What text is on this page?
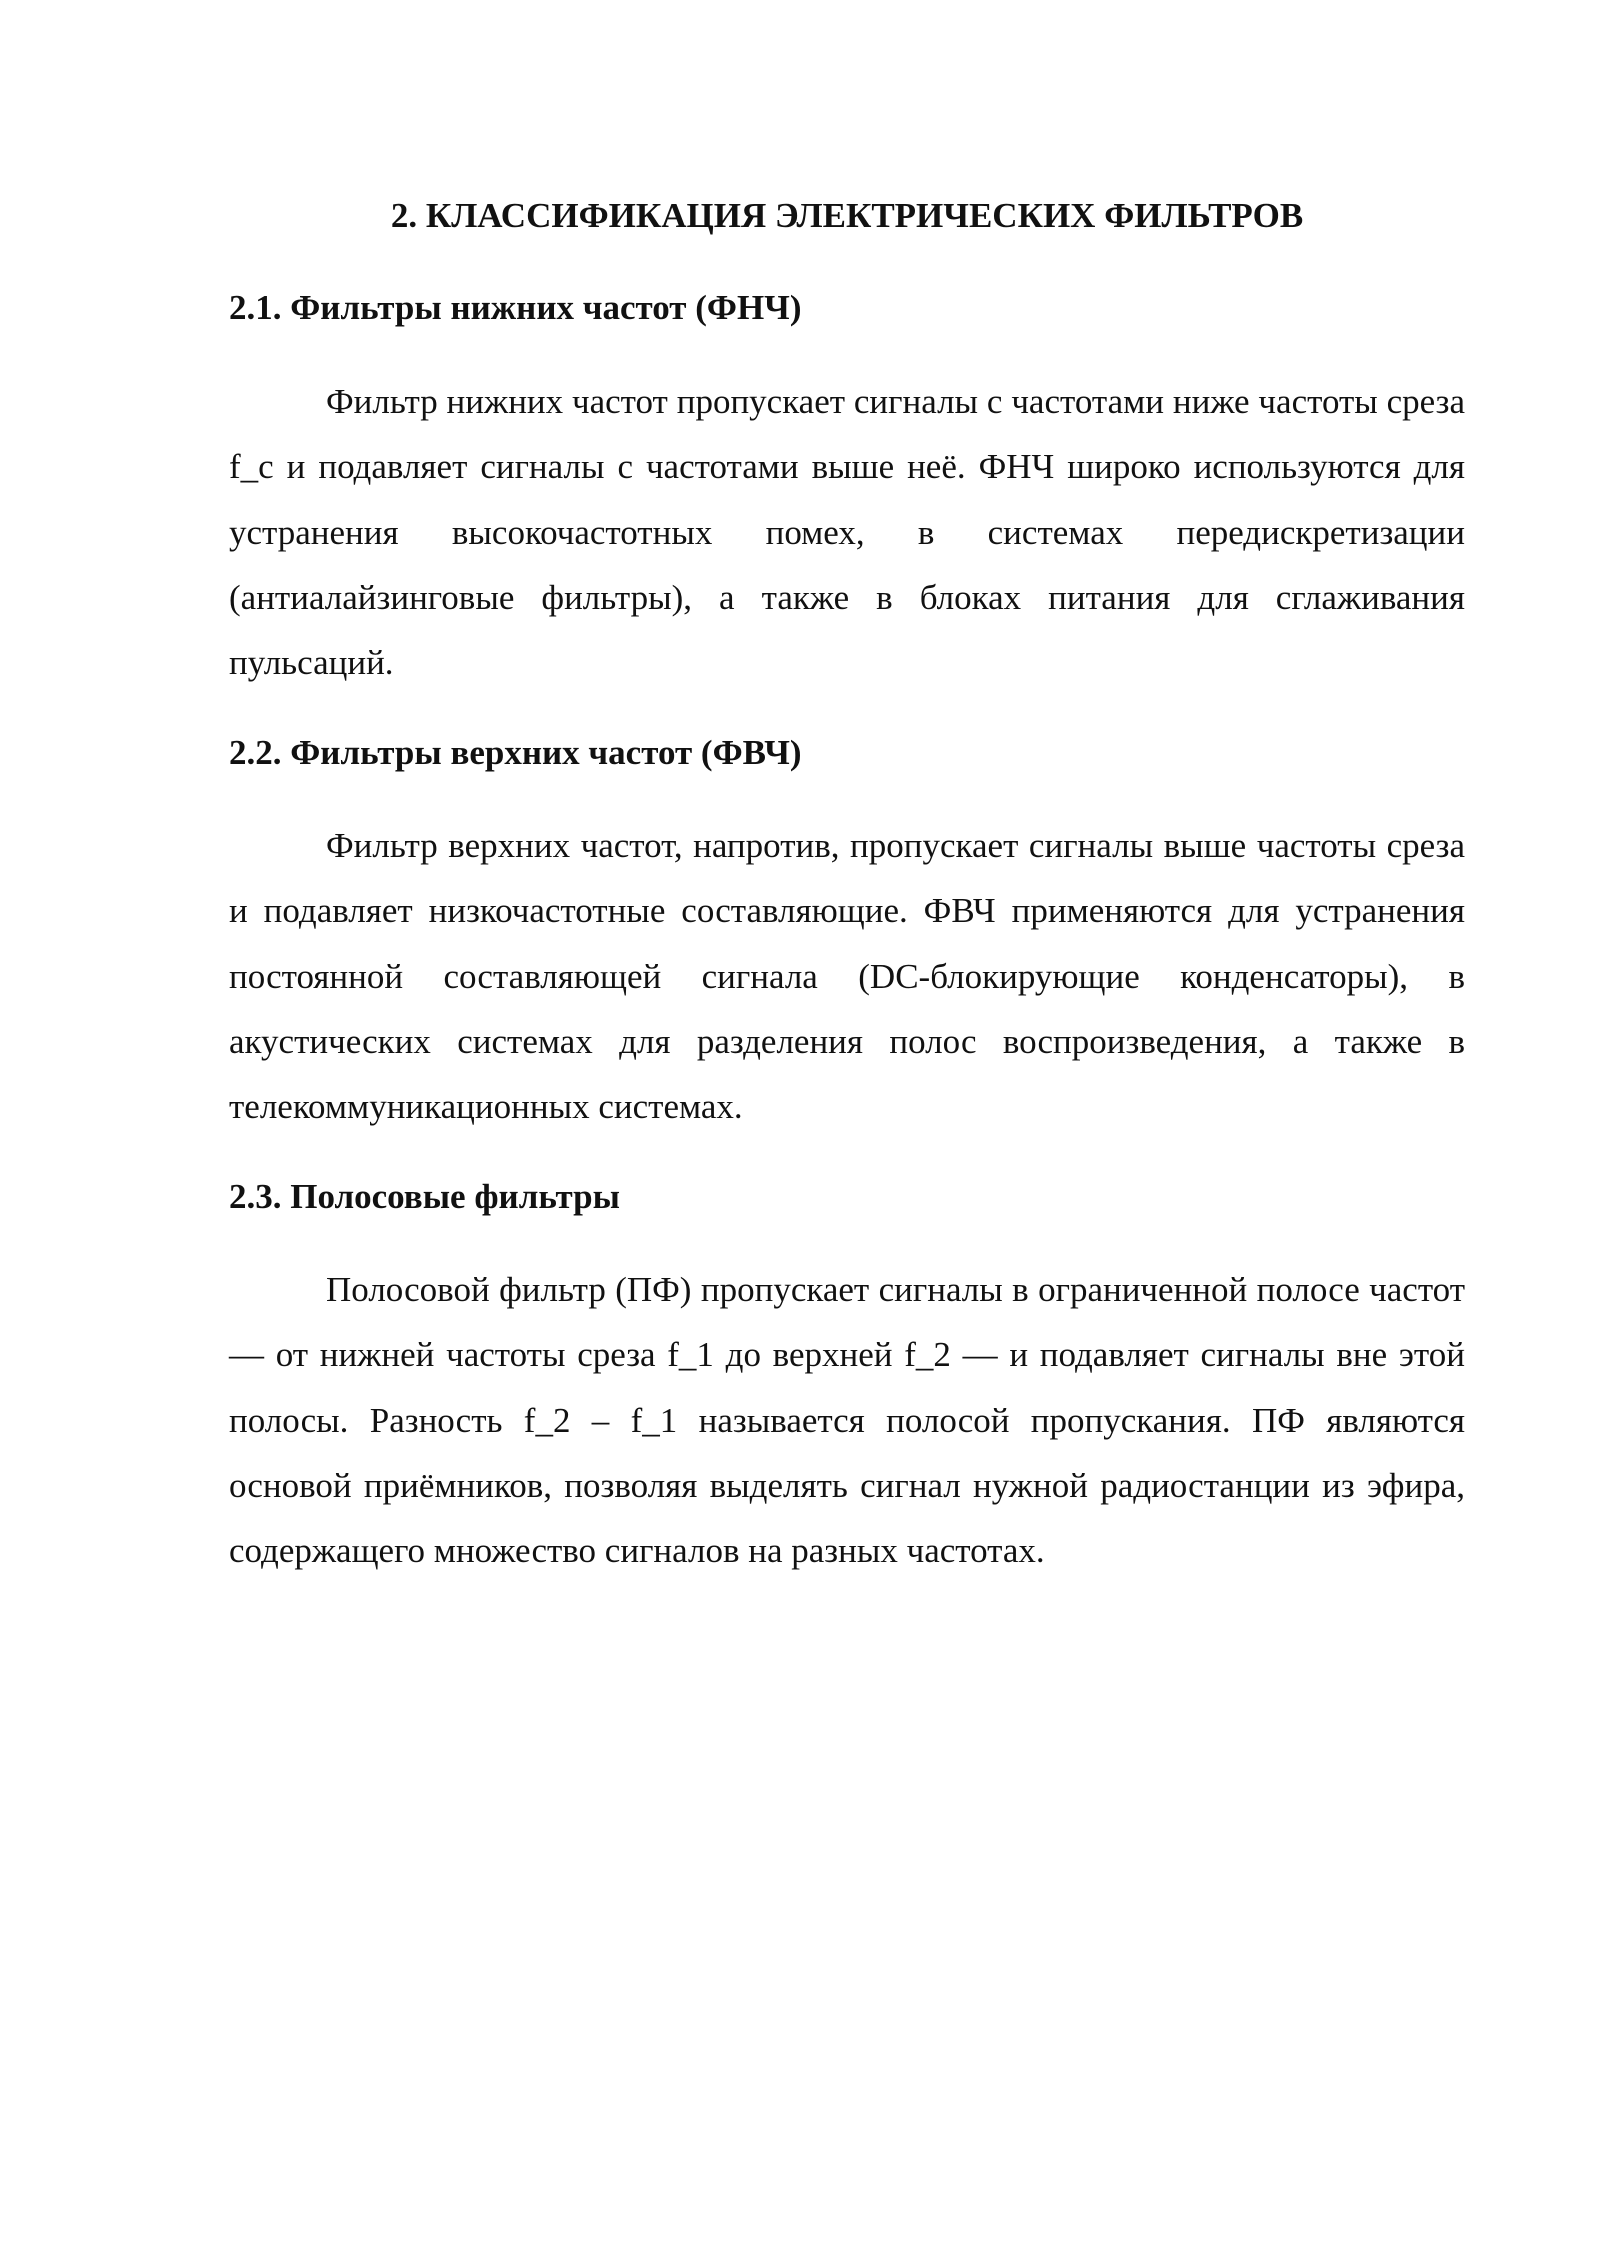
2. КЛАССИФИКАЦИЯ ЭЛЕКТРИЧЕСКИХ ФИЛЬТРОВ
2.1. Фильтры нижних частот (ФНЧ)

Фильтр нижних частот пропускает сигналы с частотами ниже частоты среза f_c и подавляет сигналы с частотами выше неё. ФНЧ широко используются для устранения высокочастотных помех, в системах передискретизации (антиалайзинговые фильтры), а также в блоках питания для сглаживания пульсаций.

2.2. Фильтры верхних частот (ФВЧ)

Фильтр верхних частот, напротив, пропускает сигналы выше частоты среза и подавляет низкочастотные составляющие. ФВЧ применяются для устранения постоянной составляющей сигнала (DC-блокирующие конденсаторы), в акустических системах для разделения полос воспроизведения, а также в телекоммуникационных системах.

2.3. Полосовые фильтры

Полосовой фильтр (ПФ) пропускает сигналы в ограниченной полосе частот — от нижней частоты среза f_1 до верхней f_2 — и подавляет сигналы вне этой полосы. Разность f_2 – f_1 называется полосой пропускания. ПФ являются основой приёмников, позволяя выделять сигнал нужной радиостанции из эфира, содержащего множество сигналов на разных частотах.
